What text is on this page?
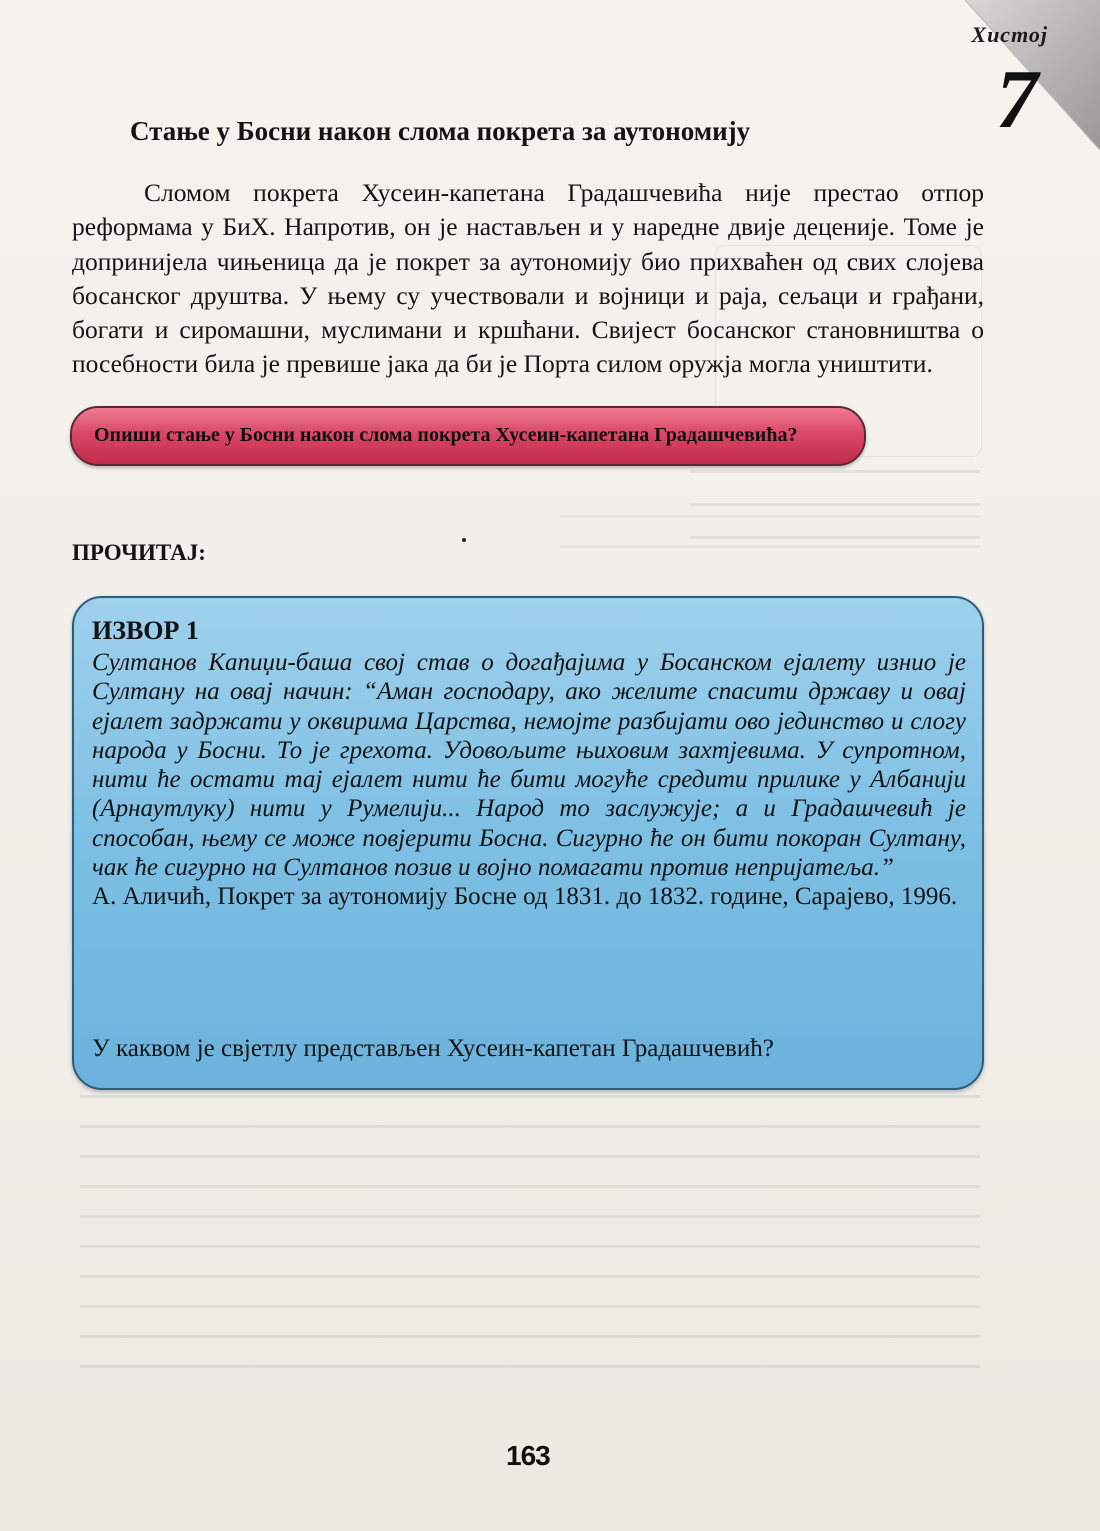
Хистој
7
Стање у Босни након слома покрета за аутономију

Сломом покрета Хусеин-капетана Градашчевића није престао отпор реформама у БиХ. Напротив, он је настављен и у наредне двије деценије. Томе је допринијела чињеница да је покрет за аутономију био прихваћен од свих слојева босанског друштва. У њему су учествовали и војници и раја, сељаци и грађани, богати и сиромашни, муслимани и кршћани. Свијест босанског становништва о посебности била је превише јака да би је Порта силом оружја могла уништити.

Опиши стање у Босни након слома покрета Хусеин-капетана Градашчевића?

ПРОЧИТАЈ:

ИЗВОР 1

Султанов Капиџи-баша свој став о догађајима у Босанском ејалету изнио је Султану на овај начин: “Аман господару, ако желите спасити државу и овај ејалет задржати у оквирима Царства, немојте разбијати ово јединство и слогу народа у Босни. То је грехота. Удовољите њиховим захтјевима. У супротном, нити ће остати тај ејалет нити ће бити могуће средити прилике у Албанији (Арнаутлуку) нити у Румелији... Народ то заслужује; а и Градашчевић је способан, њему се може повјерити Босна. Сигурно ће он бити покоран Султану, чак ће сигурно на Султанов позив и војно помагати против непријатеља.”
А. Аличић, Покрет за аутономију Босне од 1831. до 1832. године, Сарајево, 1996.

У каквом је свјетлу представљен Хусеин-капетан Градашчевић?

163
